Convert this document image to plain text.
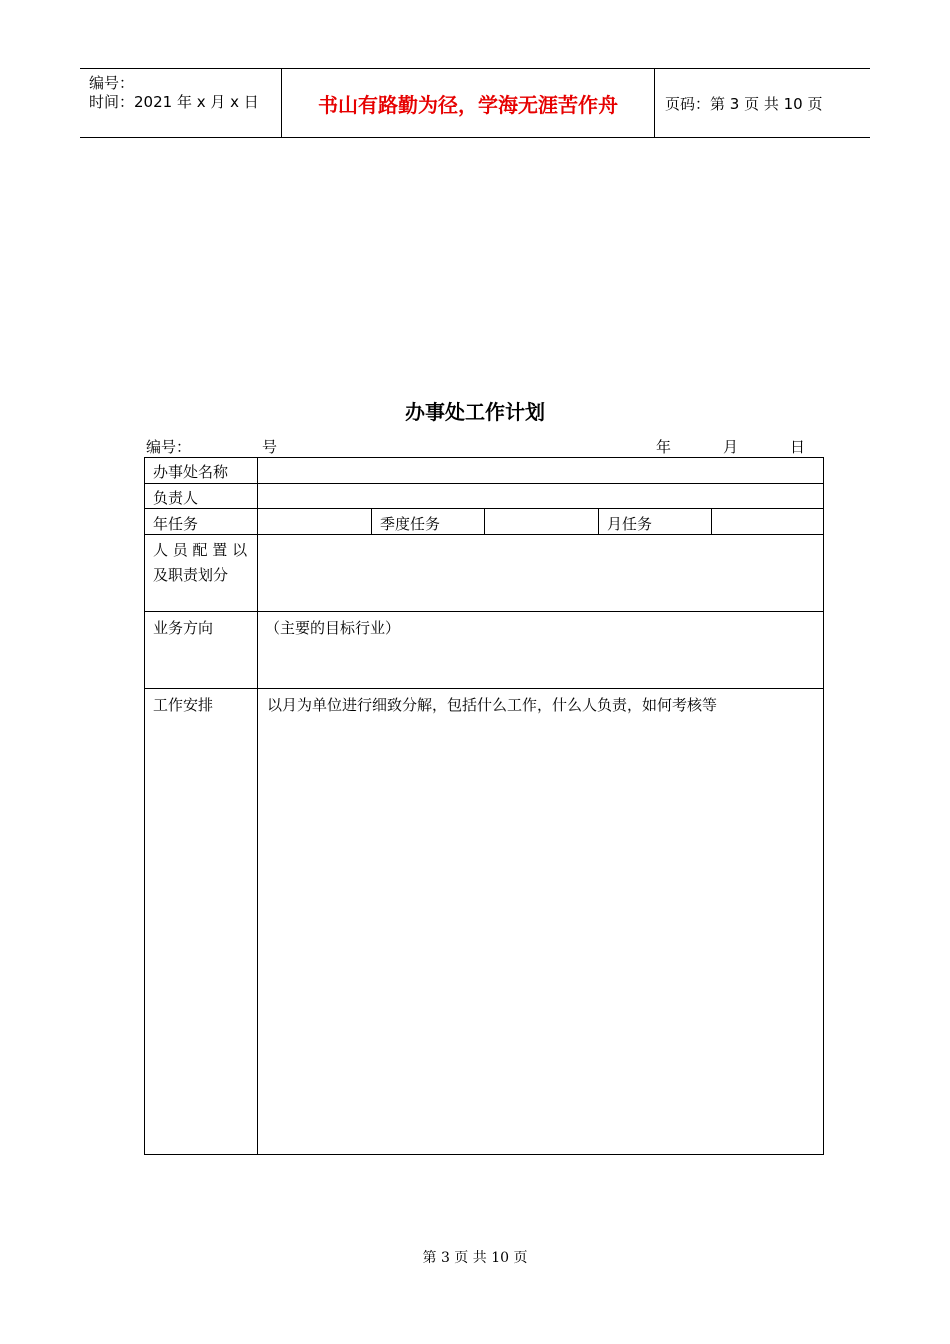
编号：
时间：2021 年 x 月 x 日	书山有路勤为径，学海无涯苦作舟	页码：第 3 页 共 10 页
办事处工作计划
编号：	号	年	月	日
办事处名称
负责人
年任务	季度任务	月任务
人 员 配 置 以
及职责划分
业务方向	（主要的目标行业）
工作安排	以月为单位进行细致分解，包括什么工作，什么人负责，如何考核等
第 3 页 共 10 页
